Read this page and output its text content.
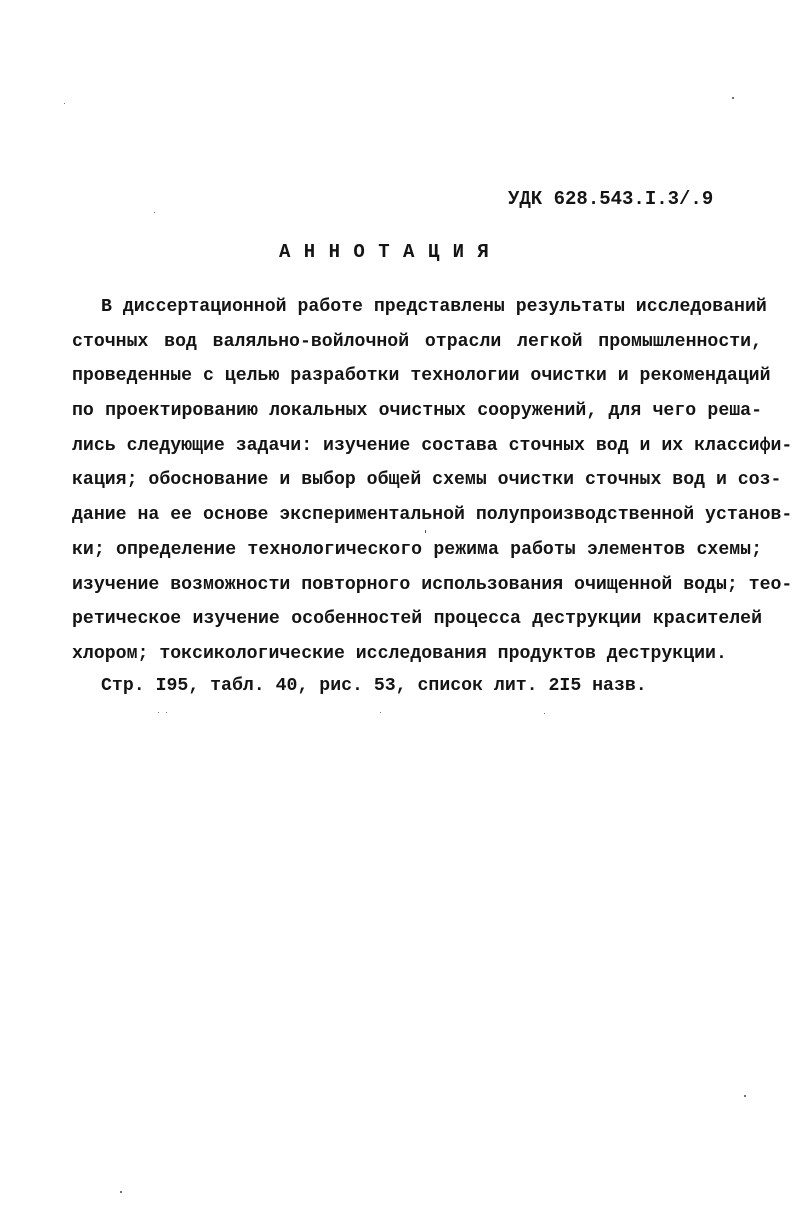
УДК 628.543.I.3/.9
А Н Н О Т А Ц И Я
В диссертационной работе представлены результаты исследований
сточных вод валяльно-войлочной отрасли легкой промышленности,
проведенные с целью разработки технологии очистки и рекомендаций
по проектированию локальных очистных сооружений, для чего реша-
лись следующие задачи: изучение состава сточных вод и их классифи-
кация; обоснование и выбор общей схемы очистки сточных вод и соз-
дание на ее основе экспериментальной полупроизводственной установ-
ки; определение технологического режима работы элементов схемы;
изучение возможности повторного использования очищенной воды; тео-
ретическое изучение особенностей процесса деструкции красителей
хлором; токсикологические исследования продуктов деструкции.
Стр. I95, табл. 40, рис. 53, список лит. 2I5 назв.
